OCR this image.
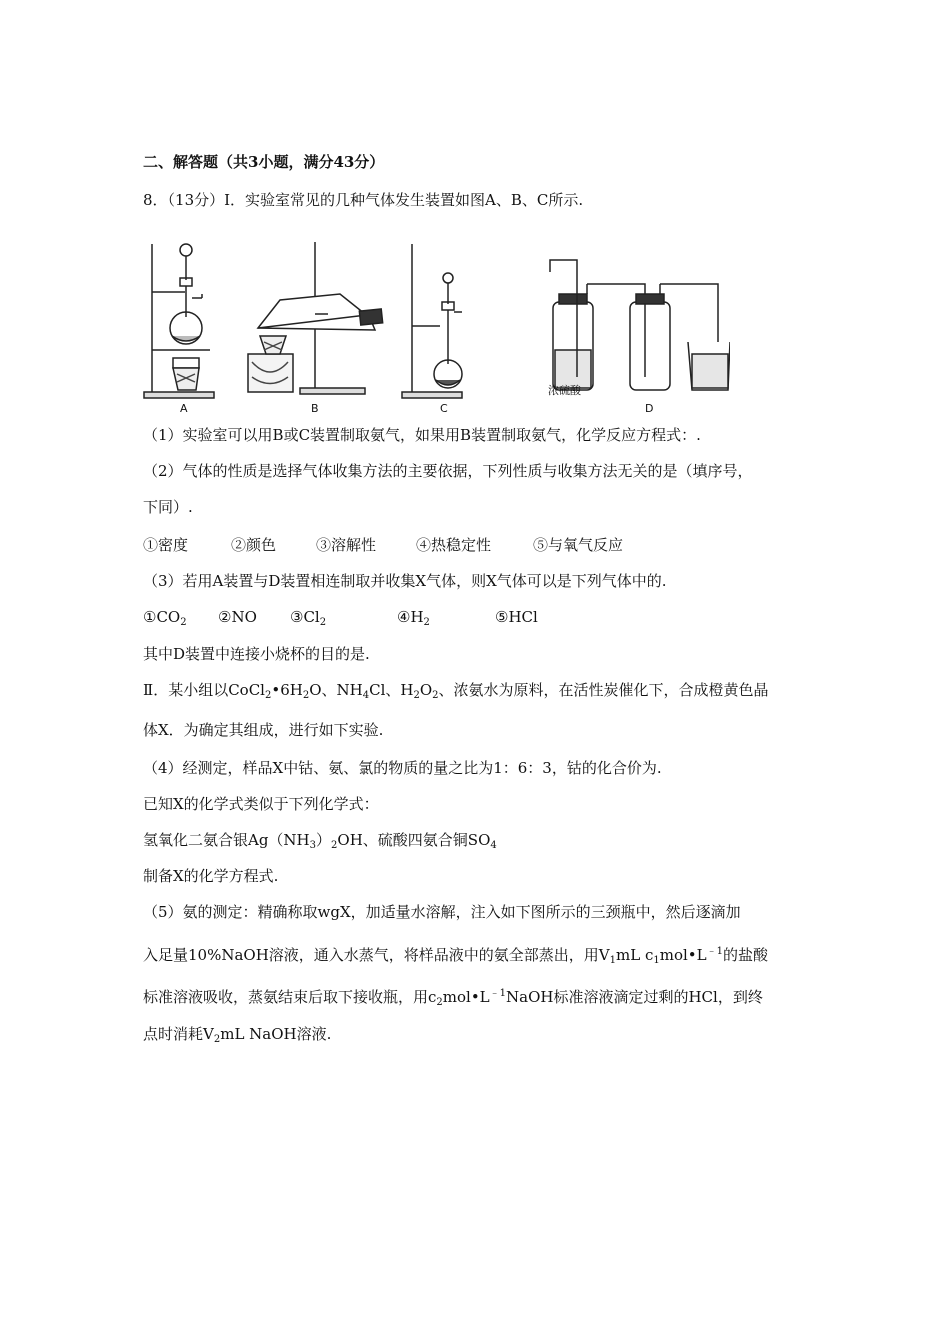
二、解答题（共3小题，满分43分）
8．（13分）Ⅰ．实验室常见的几种气体发生装置如图A、B、C所示.
A	B	C	D
浓硫酸
（1）实验室可以用B或C装置制取氨气，如果用B装置制取氨气，化学反应方程式：.
（2）气体的性质是选择气体收集方法的主要依据，下列性质与收集方法无关的是（填序号，
下同）.
①密度	②颜色	③溶解性	④热稳定性	⑤与氧气反应
（3）若用A装置与D装置相连制取并收集X气体，则X气体可以是下列气体中的.
$①CO_2$ ②NO $③Cl_2$	$④H_2$	⑤HCl
其中D装置中连接小烧杯的目的是.
Ⅱ．某小组以$CoCl_2•6H_2O$、$NH_4Cl$、$H_2O_2$、浓氨水为原料，在活性炭催化下，合成橙黄色晶
体X．为确定其组成，进行如下实验.
（4）经测定，样品X中钴、氨、氯的物质的量之比为1：6：3，钴的化合价为.
已知X的化学式类似于下列化学式：
氢氧化二氨合银$Ag(NH_3)_2OH$、硫酸四氨合铜$SO_4$
制备X的化学方程式.
（5）氨的测定：精确称取wgX，加适量水溶解，注入如下图所示的三颈瓶中，然后逐滴加
入足量10%NaOH溶液，通入水蒸气，将样品液中的氨全部蒸出，用$V_1mL$ $c_1mol•L^{﹣1}$的盐酸
标准溶液吸收，蒸氨结束后取下接收瓶，用$c_2mol•L^{﹣1}NaOH$标准溶液滴定过剩的HCl，到终
点时消耗$V_2mL$ NaOH溶液.
